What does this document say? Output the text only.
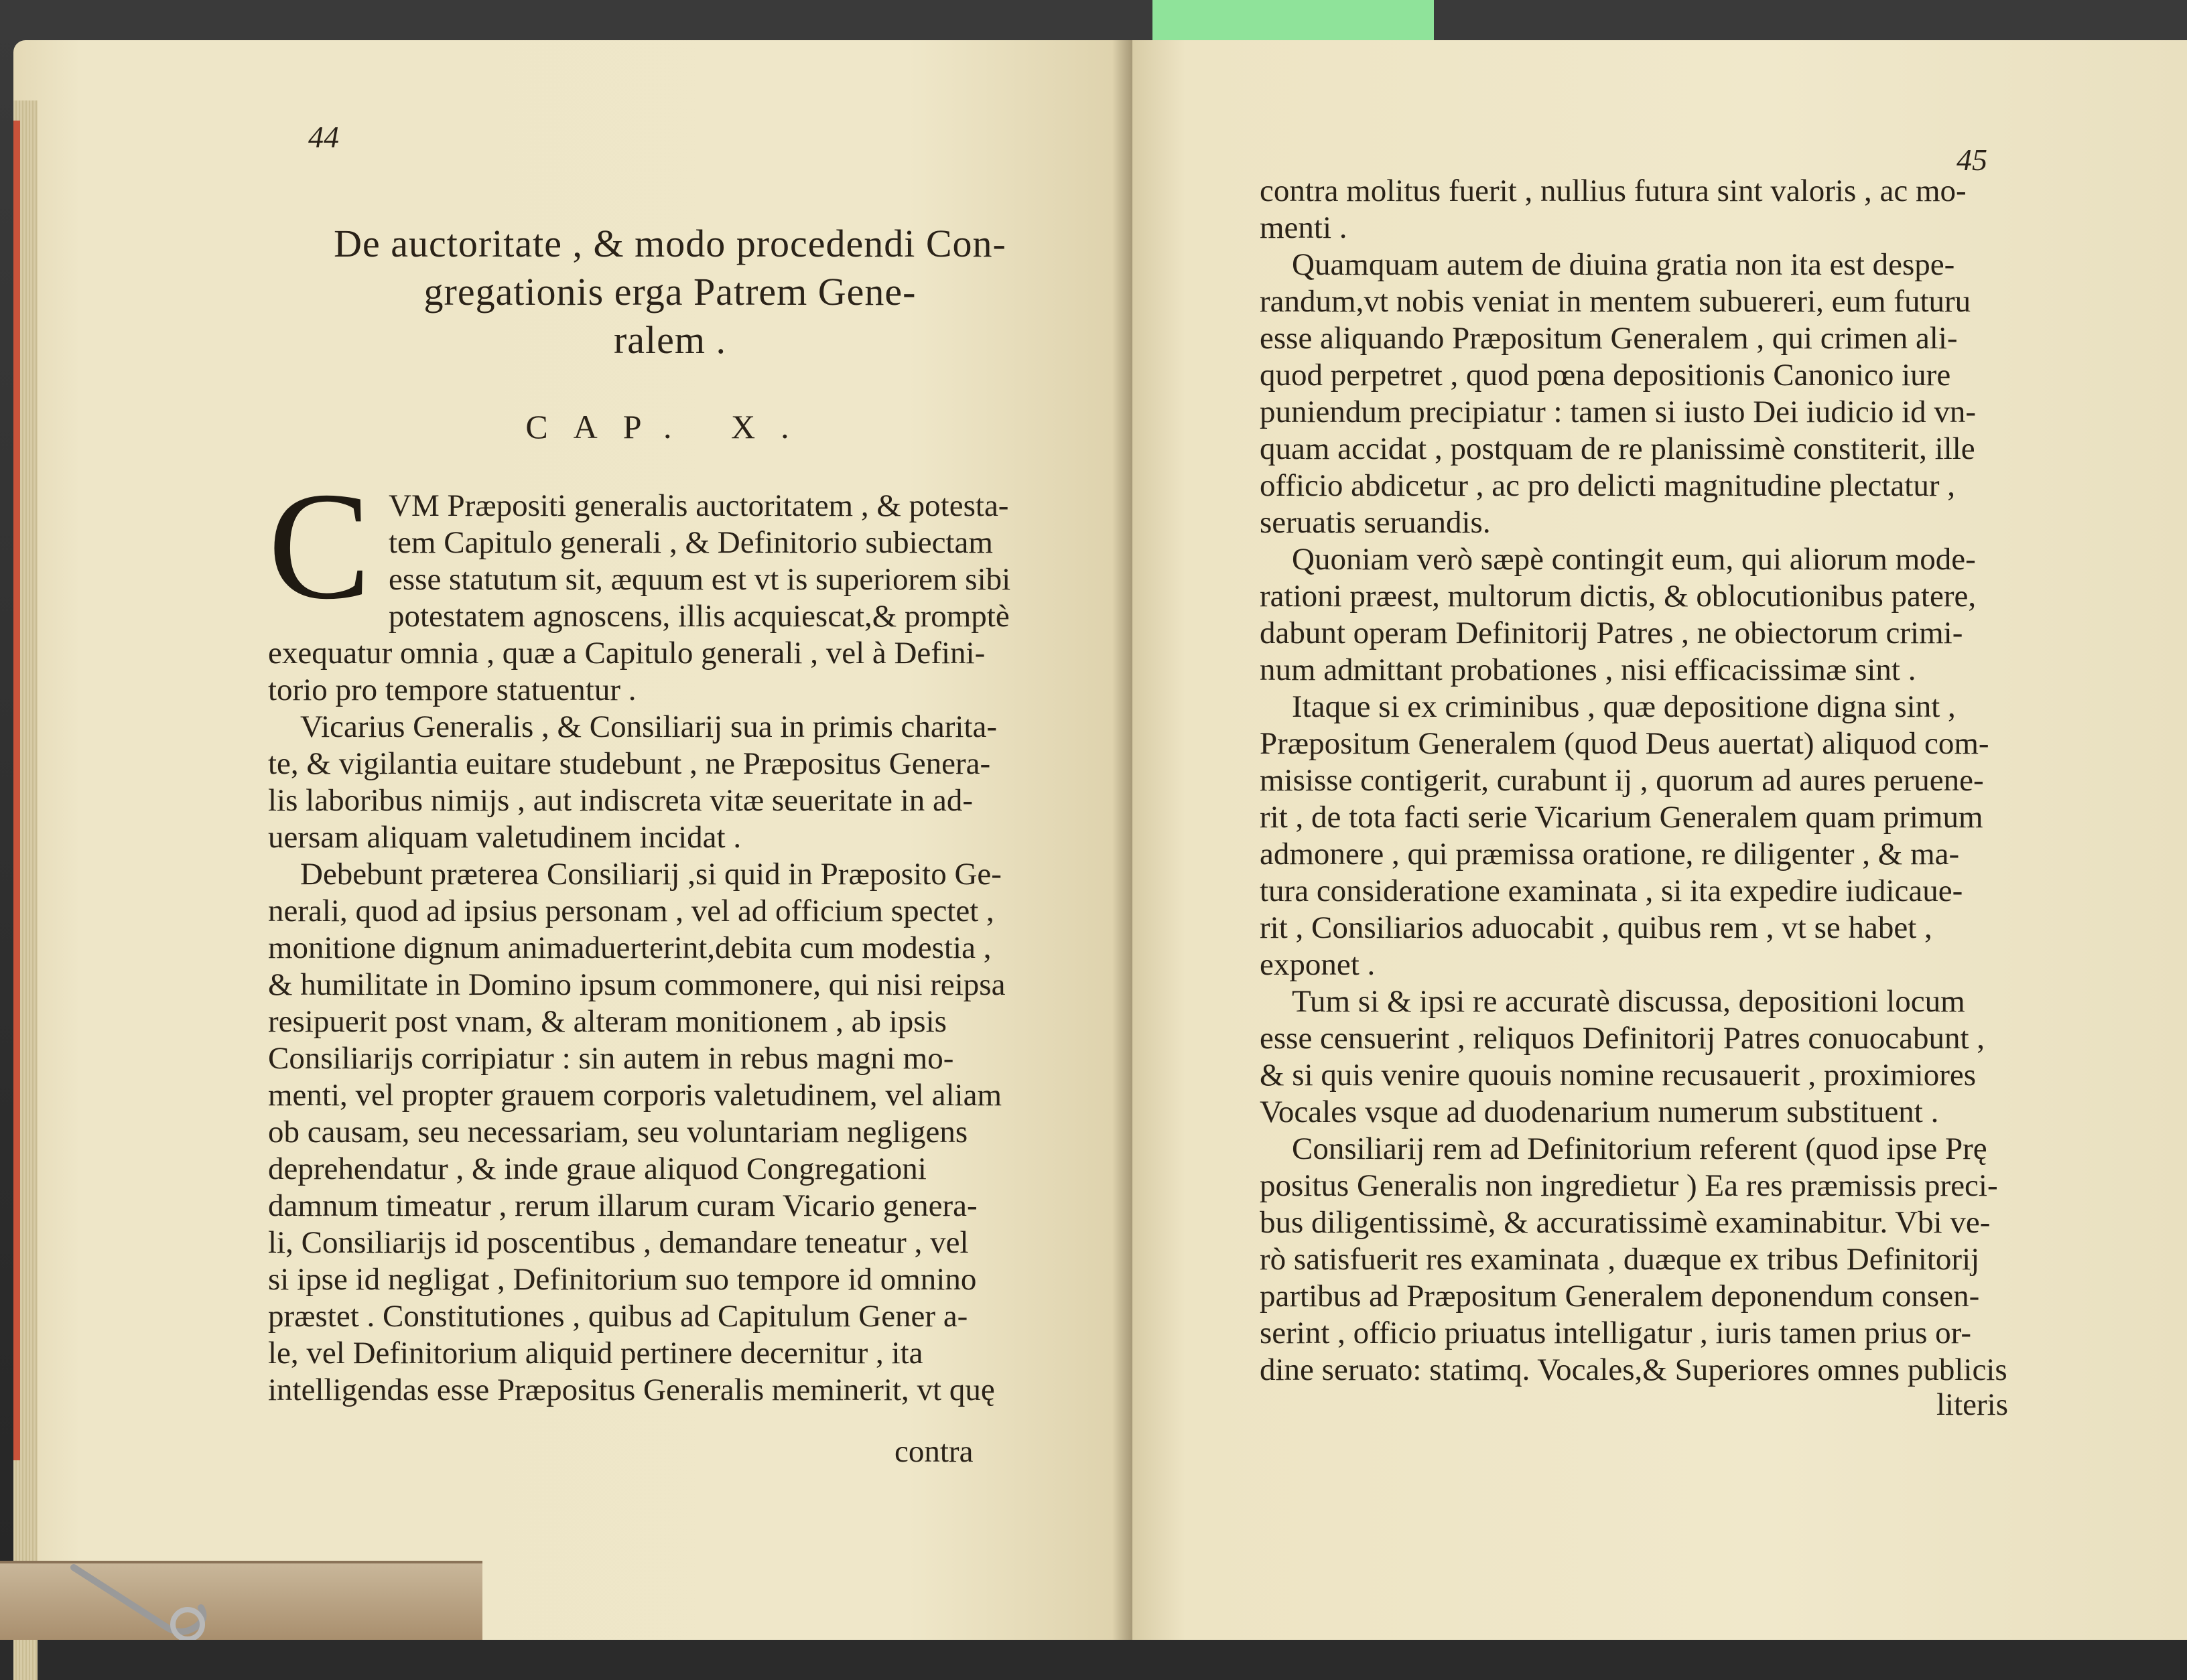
44
De auctoritate , & modo procedendi Con-
gregationis erga Patrem Gene-
ralem .
CAP. X.
C VM Præpositi generalis auctoritatem , & potesta-
tem Capitulo generali , & Definitorio subiectam
esse statutum sit, æquum est vt is superiorem sibi
potestatem agnoscens, illis acquiescat,& promptè
exequatur omnia , quæ a Capitulo generali , vel à Defini-
torio pro tempore statuentur .
Vicarius Generalis , & Consiliarij sua in primis charita-
te, & vigilantia euitare studebunt , ne Præpositus Genera-
lis laboribus nimijs , aut indiscreta vitæ seueritate in ad-
uersam aliquam valetudinem incidat .
Debebunt præterea Consiliarij ,si quid in Præposito Ge-
nerali, quod ad ipsius personam , vel ad officium spectet ,
monitione dignum animaduerterint,debita cum modestia ,
& humilitate in Domino ipsum commonere, qui nisi reipsa
resipuerit post vnam, & alteram monitionem , ab ipsis
Consiliarijs corripiatur : sin autem in rebus magni mo-
menti, vel propter grauem corporis valetudinem, vel aliam
ob causam, seu necessariam, seu voluntariam negligens
deprehendatur , & inde graue aliquod Congregationi
damnum timeatur , rerum illarum curam Vicario genera-
li, Consiliarijs id poscentibus , demandare teneatur , vel
si ipse id negligat , Definitorium suo tempore id omnino
præstet . Constitutiones , quibus ad Capitulum Gener a-
le, vel Definitorium aliquid pertinere decernitur , ita
intelligendas esse Præpositus Generalis meminerit, vt quę
contra
45
contra molitus fuerit , nullius futura sint valoris , ac mo-
menti .
Quamquam autem de diuina gratia non ita est despe-
randum,vt nobis veniat in mentem subuereri, eum futuru
esse aliquando Præpositum Generalem , qui crimen ali-
quod perpetret , quod pœna depositionis Canonico iure
puniendum precipiatur : tamen si iusto Dei iudicio id vn-
quam accidat , postquam de re planissimè constiterit, ille
officio abdicetur , ac pro delicti magnitudine plectatur ,
seruatis seruandis.
Quoniam verò sæpè contingit eum, qui aliorum mode-
rationi præest, multorum dictis, & oblocutionibus patere,
dabunt operam Definitorij Patres , ne obiectorum crimi-
num admittant probationes , nisi efficacissimæ sint .
Itaque si ex criminibus , quæ depositione digna sint ,
Præpositum Generalem (quod Deus auertat) aliquod com-
misisse contigerit, curabunt ij , quorum ad aures peruene-
rit , de tota facti serie Vicarium Generalem quam primum
admonere , qui præmissa oratione, re diligenter , & ma-
tura consideratione examinata , si ita expedire iudicaue-
rit , Consiliarios aduocabit , quibus rem , vt se habet ,
exponet .
Tum si & ipsi re accuratè discussa, depositioni locum
esse censuerint , reliquos Definitorij Patres conuocabunt ,
& si quis venire quouis nomine recusauerit , proximiores
Vocales vsque ad duodenarium numerum substituent .
Consiliarij rem ad Definitorium referent (quod ipse Prę
positus Generalis non ingredietur ) Ea res præmissis preci-
bus diligentissimè, & accuratissimè examinabitur. Vbi ve-
rò satisfuerit res examinata , duæque ex tribus Definitorij
partibus ad Præpositum Generalem deponendum consen-
serint , officio priuatus intelligatur , iuris tamen prius or-
dine seruato: statimq. Vocales,& Superiores omnes publicis
literis
